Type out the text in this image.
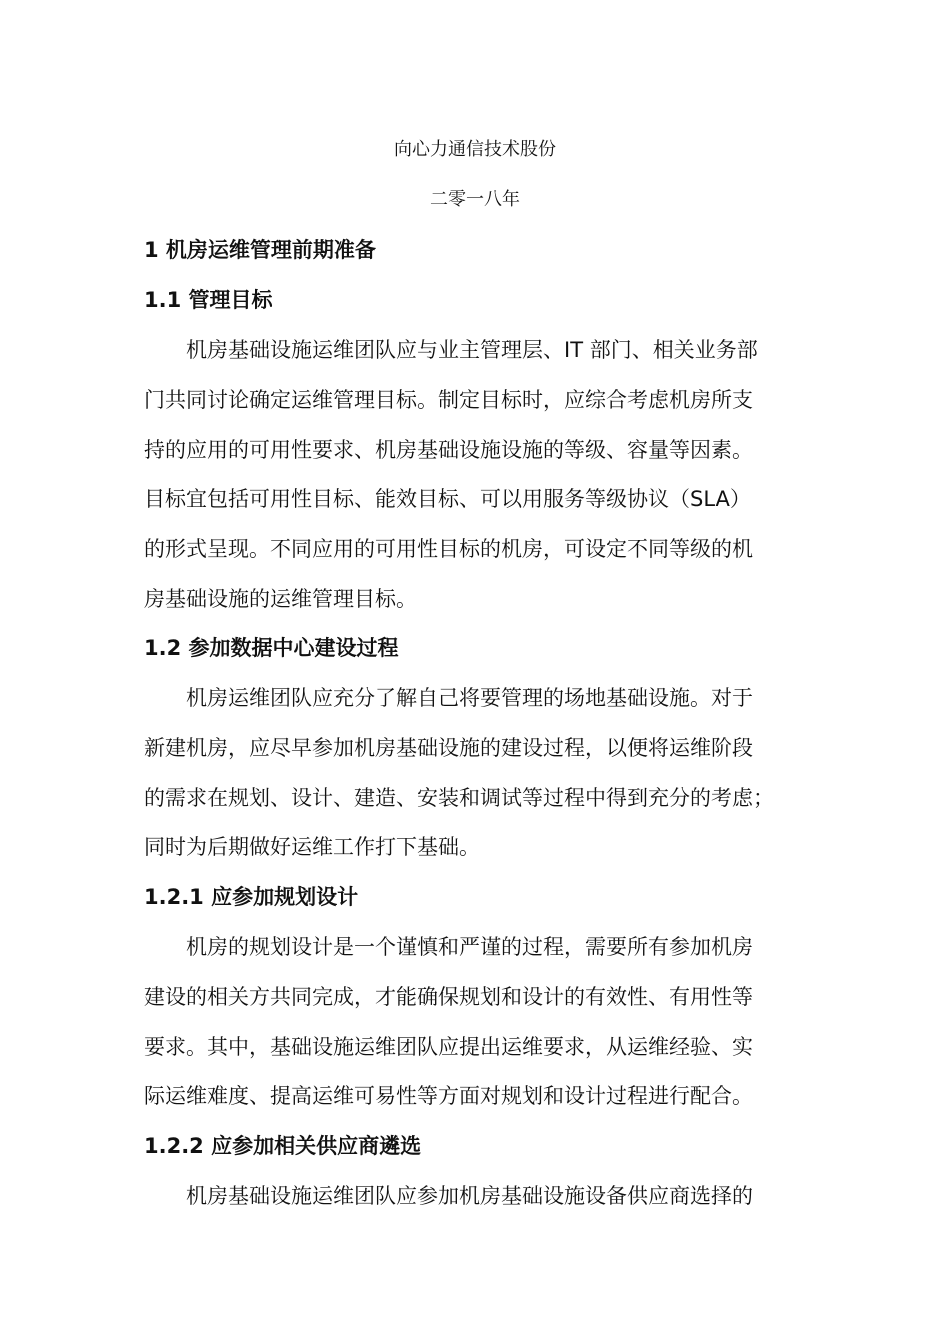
向心力通信技术股份
二零一八年
1 机房运维管理前期准备
1.1 管理目标
机房基础设施运维团队应与业主管理层、IT 部门、相关业务部
门共同讨论确定运维管理目标。制定目标时，应综合考虑机房所支
持的应用的可用性要求、机房基础设施设施的等级、容量等因素。
目标宜包括可用性目标、能效目标、可以用服务等级协议（SLA）
的形式呈现。不同应用的可用性目标的机房，可设定不同等级的机
房基础设施的运维管理目标。
1.2 参加数据中心建设过程
机房运维团队应充分了解自己将要管理的场地基础设施。对于
新建机房，应尽早参加机房基础设施的建设过程，以便将运维阶段
的需求在规划、设计、建造、安装和调试等过程中得到充分的考虑；
同时为后期做好运维工作打下基础。
1.2.1 应参加规划设计
机房的规划设计是一个谨慎和严谨的过程，需要所有参加机房
建设的相关方共同完成，才能确保规划和设计的有效性、有用性等
要求。其中，基础设施运维团队应提出运维要求，从运维经验、实
际运维难度、提高运维可易性等方面对规划和设计过程进行配合。
1.2.2 应参加相关供应商遴选
机房基础设施运维团队应参加机房基础设施设备供应商选择的
